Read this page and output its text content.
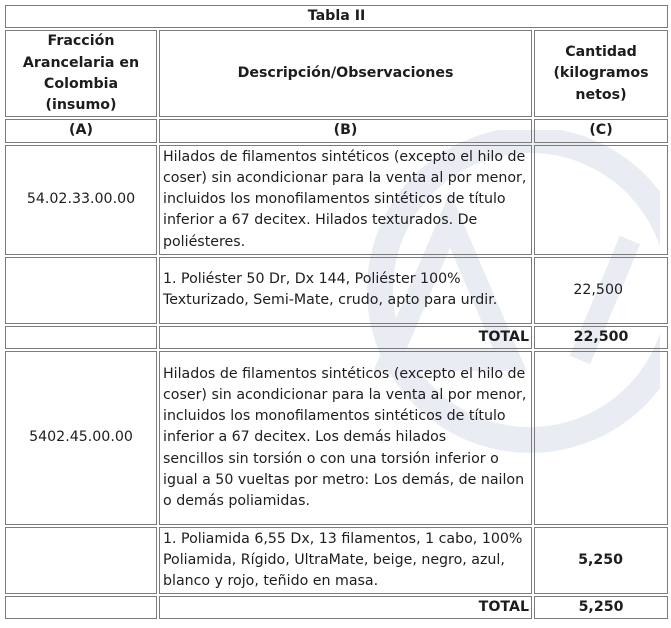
Tabla II		
Fracción Arancelaria en Colombia (insumo)	Descripción/Observaciones	Cantidad (kilogramos netos)
(A)	(B)	(C)
54.02.33.00.00	Hilados de filamentos sintéticos (excepto el hilo de coser) sin acondicionar para la venta al por menor, incluidos los monofilamentos sintéticos de título inferior a 67 decitex. Hilados texturados. De poliésteres.	
	1. Poliéster 50 Dr, Dx 144, Poliéster 100% Texturizado, Semi-Mate, crudo, apto para urdir.	22,500
	TOTAL	22,500
5402.45.00.00	Hilados de filamentos sintéticos (excepto el hilo de coser) sin acondicionar para la venta al por menor, incluidos los monofilamentos sintéticos de título inferior a 67 decitex. Los demás hilados
sencillos sin torsión o con una torsión inferior o igual a 50 vueltas por metro: Los demás, de nailon o demás poliamidas.	
	1. Poliamida 6,55 Dx, 13 filamentos, 1 cabo, 100% Poliamida, Rígido, UltraMate, beige, negro, azul, blanco y rojo, teñido en masa.	5,250
	TOTAL	5,250
